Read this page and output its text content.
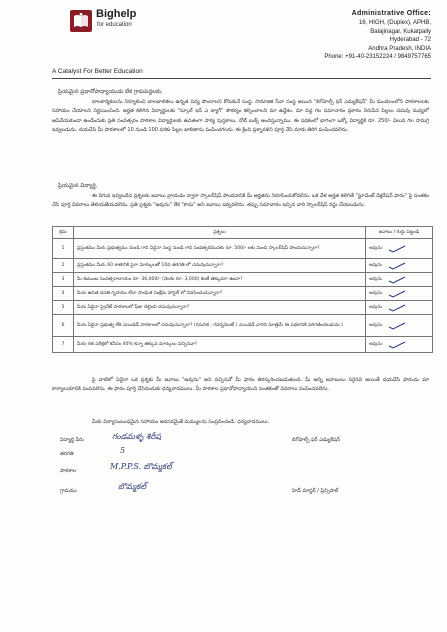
Bighelp
for education
A Catalyst For Better Education
Administrative Office:
16, HIGH, (Duplex), APHB,
Balajinagar, Kukatpally
Hyderabad - 72
Andhra Pradesh, INDIA
Phone: +91-40-23152224 / 9849757765
ప్రియమైన ప్రధానోపాధ్యాయుడు లేక గ్రామపెద్దలకు,
బాలకార్మికులను నిర్మూలించి బాలబాలికలు ఉన్నత విద్య పొందాలని కోరుకునే సంస్థ. సామాజిక సేవా సంస్థ అయిన "బిగ్‌హెల్ప్ ఫర్ ఎడ్యుకేషన్" మీ మండలంలోని పాఠశాలలకు సహాయం చేయాలని నిర్ణయించింది. అర్హత కలిగిన విద్యార్థులకు "స్కూల్ ఇన్ ఎ బ్యాగ్" సౌకర్యం కల్పించాలని మా ఉద్దేశం. మా వద్ద గల సమాచారం ప్రకారం నిరుపేద పిల్లలు చదువు మధ్యలో ఆపివేయకుండా ఉండేందుకు ప్రతి సంవత్సరం పాఠశాల విద్యార్థులకు ఉచితంగా పాఠ్య పుస్తకాలు, నోట్ బుక్స్ అందిస్తున్నాము. ఈ పథకంలో భాగంగా ఒక్కో విద్యార్థికి రూ. 250/- విలువ గల సామగ్రి ఇవ్వబడును. దయచేసి మీ పాఠశాలలో 10 నుండి 100 వరకు పిల్లల జాబితాను పంపించగలరు. ఈ క్రింది ప్రశ్నావళిని పూర్తి చేసి మాకు తిరిగి పంపించవలెను.
ప్రియమైన విద్యార్థి,
ఈ దిగువ ఇవ్వబడిన ప్రశ్నలకు జవాబు వ్రాయడం ద్వారా స్కాలర్‌షిప్ పొందడానికి మీ అర్హతను నిరూపించుకోవలెను. ఒక వేళ అర్హత కలిగితే "స్టూడెంట్ డిక్లరేషన్ ఫారం" పై సంతకం చేసి పూర్తి వివరాలు తెలియజేయవలెను. ప్రతి ప్రశ్నకు "అవును" లేక "కాదు" అని జవాబు ఇవ్వవలెను. తప్పు సమాచారం ఇచ్చిన వారి స్కాలర్‌షిప్ రద్దు చేయబడును.
క్రమ	ప్రశ్నలు	జవాబు / గుర్తు పెట్టండి
1	ప్రస్తుతము మీరు ప్రభుత్వము నుండి గాని ఏదైనా సంస్థ నుండి గాని సంవత్సరమునకు రూ. 500/- లకు మించి స్కాలర్‌షిప్ పొందుచున్నారా?	అవును
2	ప్రస్తుతము మీరు 60 శాతానికి పైగా మార్కులతో 10వ తరగతి లో చదువుచున్నారా?	అవును
3	మీ కుటుంబ సంవత్సరాదాయం రూ. 36,000/- (నెలకు రూ. 3,000) కంటే తక్కువగా ఉందా?	అవును
4	మీరు ఉచిత వసతి గృహము లేదా సాంఘిక సంక్షేమ హాస్టల్ లో నివసించుచున్నారా?	అవును
5	మీరు ఏదైనా ప్రైవేట్ పాఠశాలలో ఫీజు చెల్లించి చదువుచున్నారా?	అవును
6	మీరు ఏదైనా ప్రభుత్వ లేక ఎయిడెడ్ పాఠశాలలో చదువుచున్నారా? (గమనిక : గవర్నమెంట్ / ఎయిడెడ్ వారిని మాత్రమే ఈ పథకానికి పరిగణించబడును.)	అవును
7	మీరు గత పరీక్షలో కనీసం 40% కన్నా తక్కువ మార్కులు వచ్చినవా?	అవును
పై వాటిలో ఏదైనా ఒక ప్రశ్నకు మీ జవాబు "అవును" అని వచ్చినచో మీ ఫారం తిరస్కరించబడుతుంది. మీ అన్ని జవాబులు సరైనవి అయితే దయచేసి ఫారంను మా కార్యాలయానికి పంపవలెను. ఈ ఫారం పూర్తి చేసినందుకు ధన్యవాదములు. మీ పాఠశాల ప్రధానోపాధ్యాయుని సంతకంతో వివరాలు పంపించవలెను.
మీకు విద్యాసంబంధమైన సహాయం అవసరమైతే మమ్ములను సంప్రదించండి. ధన్యవాదములు.
విద్యార్థి పేరు	గండమళ్ళ శిరీష
తరగతి	5
పాఠశాల	M.P.P.S. బొమ్మకల్
గ్రామము	బొమ్మకల్
బిగ్‌హెల్ప్ ఫర్ ఎడ్యుకేషన్
హెడ్ మాస్టర్ / ప్రిన్సిపాల్
